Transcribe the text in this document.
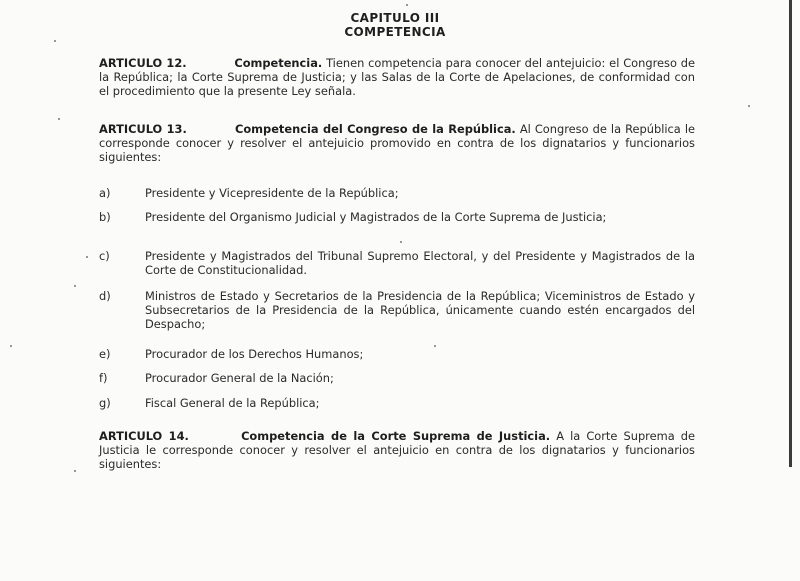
CAPITULO III
COMPETENCIA
ARTICULO 12.	Competencia. Tienen competencia para conocer del antejuicio: el Congreso de la República; la Corte Suprema de Justicia; y las Salas de la Corte de Apelaciones, de conformidad con el procedimiento que la presente Ley señala.
ARTICULO 13.	Competencia del Congreso de la República. Al Congreso de la República le corresponde conocer y resolver el antejuicio promovido en contra de los dignatarios y funcionarios siguientes:
a)	Presidente y Vicepresidente de la República;
b)	Presidente del Organismo Judicial y Magistrados de la Corte Suprema de Justicia;
c)	Presidente y Magistrados del Tribunal Supremo Electoral, y del Presidente y Magistrados de la Corte de Constitucionalidad.
d)	Ministros de Estado y Secretarios de la Presidencia de la República; Viceministros de Estado y Subsecretarios de la Presidencia de la República, únicamente cuando estén encargados del Despacho;
e)	Procurador de los Derechos Humanos;
f)	Procurador General de la Nación;
g)	Fiscal General de la República;
ARTICULO 14.	Competencia de la Corte Suprema de Justicia. A la Corte Suprema de Justicia le corresponde conocer y resolver el antejuicio en contra de los dignatarios y funcionarios siguientes:
